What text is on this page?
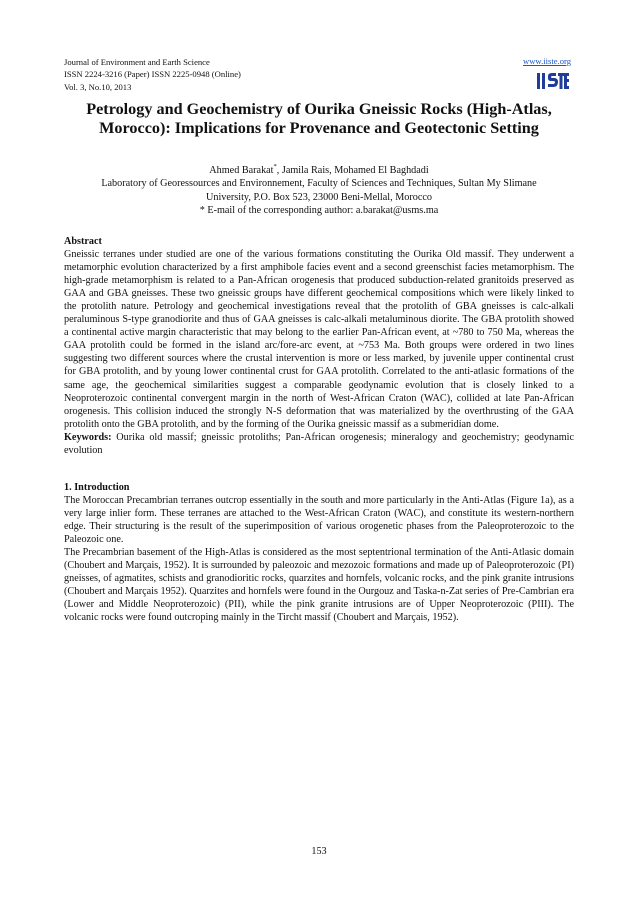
Journal of Environment and Earth Science
ISSN 2224-3216 (Paper) ISSN 2225-0948 (Online)
Vol. 3, No.10, 2013
www.iiste.org
Petrology and Geochemistry of Ourika Gneissic Rocks (High-Atlas, Morocco): Implications for Provenance and Geotectonic Setting
Ahmed Barakat*, Jamila Rais, Mohamed El Baghdadi
Laboratory of Georessources and Environnement, Faculty of Sciences and Techniques, Sultan My Slimane
University, P.O. Box 523, 23000 Beni-Mellal, Morocco
* E-mail of the corresponding author: a.barakat@usms.ma
Abstract

Gneissic terranes under studied are one of the various formations constituting the Ourika Old massif. They underwent a metamorphic evolution characterized by a first amphibole facies event and a second greenschist facies metamorphism. The high-grade metamorphism is related to a Pan-African orogenesis that produced subduction-related granitoids preserved as GAA and GBA gneisses. These two gneissic groups have different geochemical compositions which were likely linked to the protolith nature. Petrology and geochemical investigations reveal that the protolith of GBA gneisses is calc-alkali peraluminous S-type granodiorite and thus of GAA gneisses is calc-alkali metaluminous diorite. The GBA protolith showed a continental active margin characteristic that may belong to the earlier Pan-African event, at ~780 to 750 Ma, whereas the GAA protolith could be formed in the island arc/fore-arc event, at ~753 Ma. Both groups were ordered in two lines suggesting two different sources where the crustal intervention is more or less marked, by juvenile upper continental crust for GBA protolith, and by young lower continental crust for GAA protolith. Correlated to the anti-atlasic formations of the same age, the geochemical similarities suggest a comparable geodynamic evolution that is closely linked to a Neoproterozoic continental convergent margin in the north of West-African Craton (WAC), collided at late Pan-African orogenesis. This collision induced the strongly N-S deformation that was materialized by the overthrusting of the GAA protolith onto the GBA protolith, and by the forming of the Ourika gneissic massif as a submeridian dome.

Keywords: Ourika old massif; gneissic protoliths; Pan-African orogenesis; mineralogy and geochemistry; geodynamic evolution

1. Introduction

The Moroccan Precambrian terranes outcrop essentially in the south and more particularly in the Anti-Atlas (Figure 1a), as a very large inlier form. These terranes are attached to the West-African Craton (WAC), and constitute its western-northern edge. Their structuring is the result of the superimposition of various orogenetic phases from the Paleoproterozoic to the Paleozoic one.

The Precambrian basement of the High-Atlas is considered as the most septentrional termination of the Anti-Atlasic domain (Choubert and Marçais, 1952). It is surrounded by paleozoic and mezozoic formations and made up of Paleoproterozoic (PI) gneisses, of agmatites, schists and granodioritic rocks, quarzites and hornfels, volcanic rocks, and the pink granite intrusions (Choubert and Marçais 1952). Quarzites and hornfels were found in the Ourgouz and Taska-n-Zat series of Pre-Cambrian era (Lower and Middle Neoproterozoic) (PII), while the pink granite intrusions are of Upper Neoproterozoic (PIII). The volcanic rocks were found outcroping mainly in the Tircht massif (Choubert and Marçais, 1952).

153
